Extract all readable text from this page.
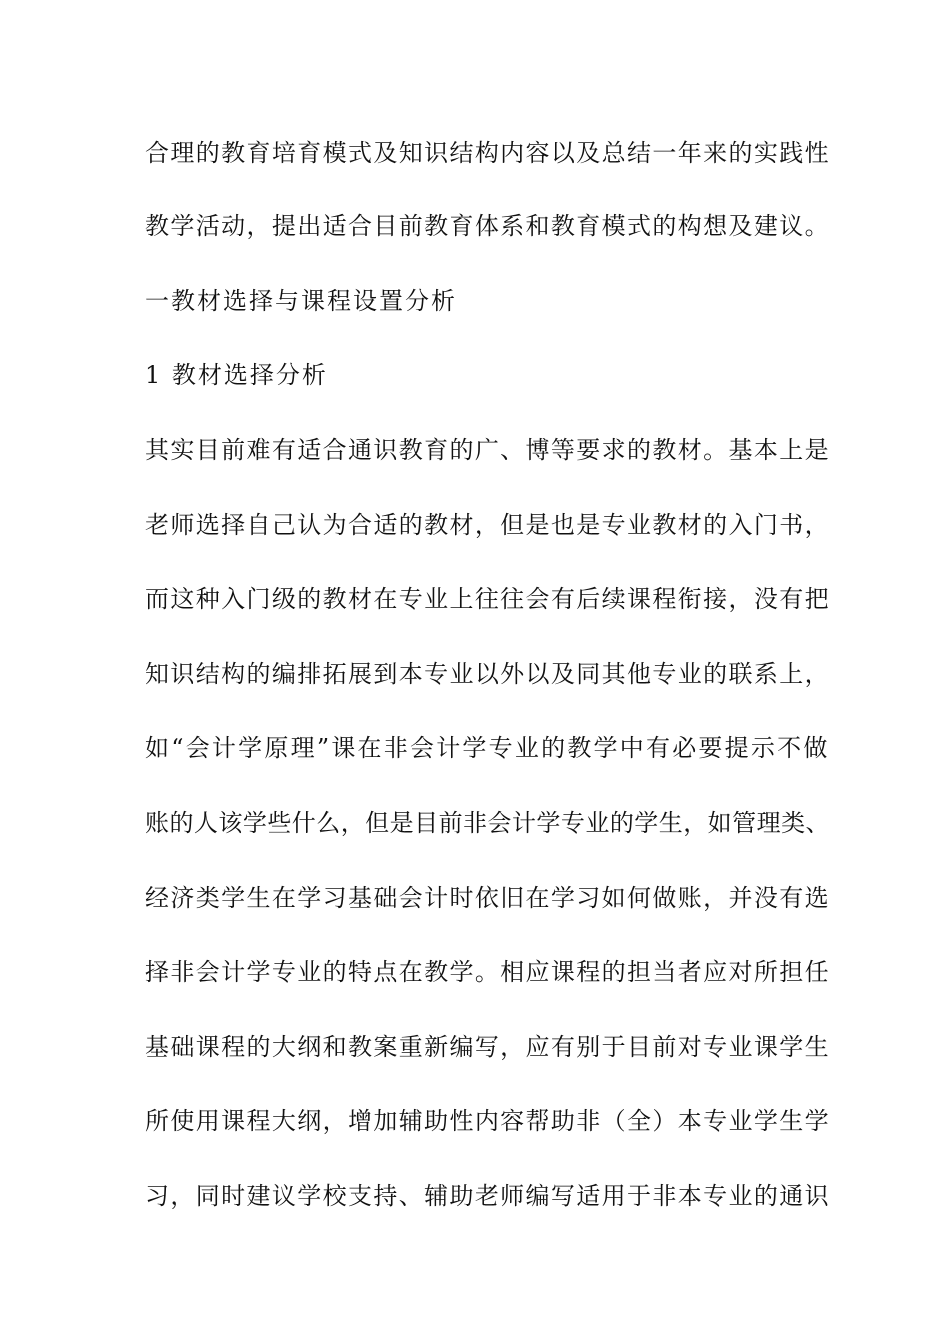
合理的教育培育模式及知识结构内容以及总结一年来的实践性
教学活动，提出适合目前教育体系和教育模式的构想及建议。
一教材选择与课程设置分析
1 教材选择分析
其实目前难有适合通识教育的广、博等要求的教材。基本上是
老师选择自己认为合适的教材，但是也是专业教材的入门书，
而这种入门级的教材在专业上往往会有后续课程衔接，没有把
知识结构的编排拓展到本专业以外以及同其他专业的联系上，
如“会计学原理”课在非会计学专业的教学中有必要提示不做
账的人该学些什么，但是目前非会计学专业的学生，如管理类、
经济类学生在学习基础会计时依旧在学习如何做账，并没有选
择非会计学专业的特点在教学。相应课程的担当者应对所担任
基础课程的大纲和教案重新编写，应有别于目前对专业课学生
所使用课程大纲，增加辅助性内容帮助非（全）本专业学生学
习，同时建议学校支持、辅助老师编写适用于非本专业的通识
